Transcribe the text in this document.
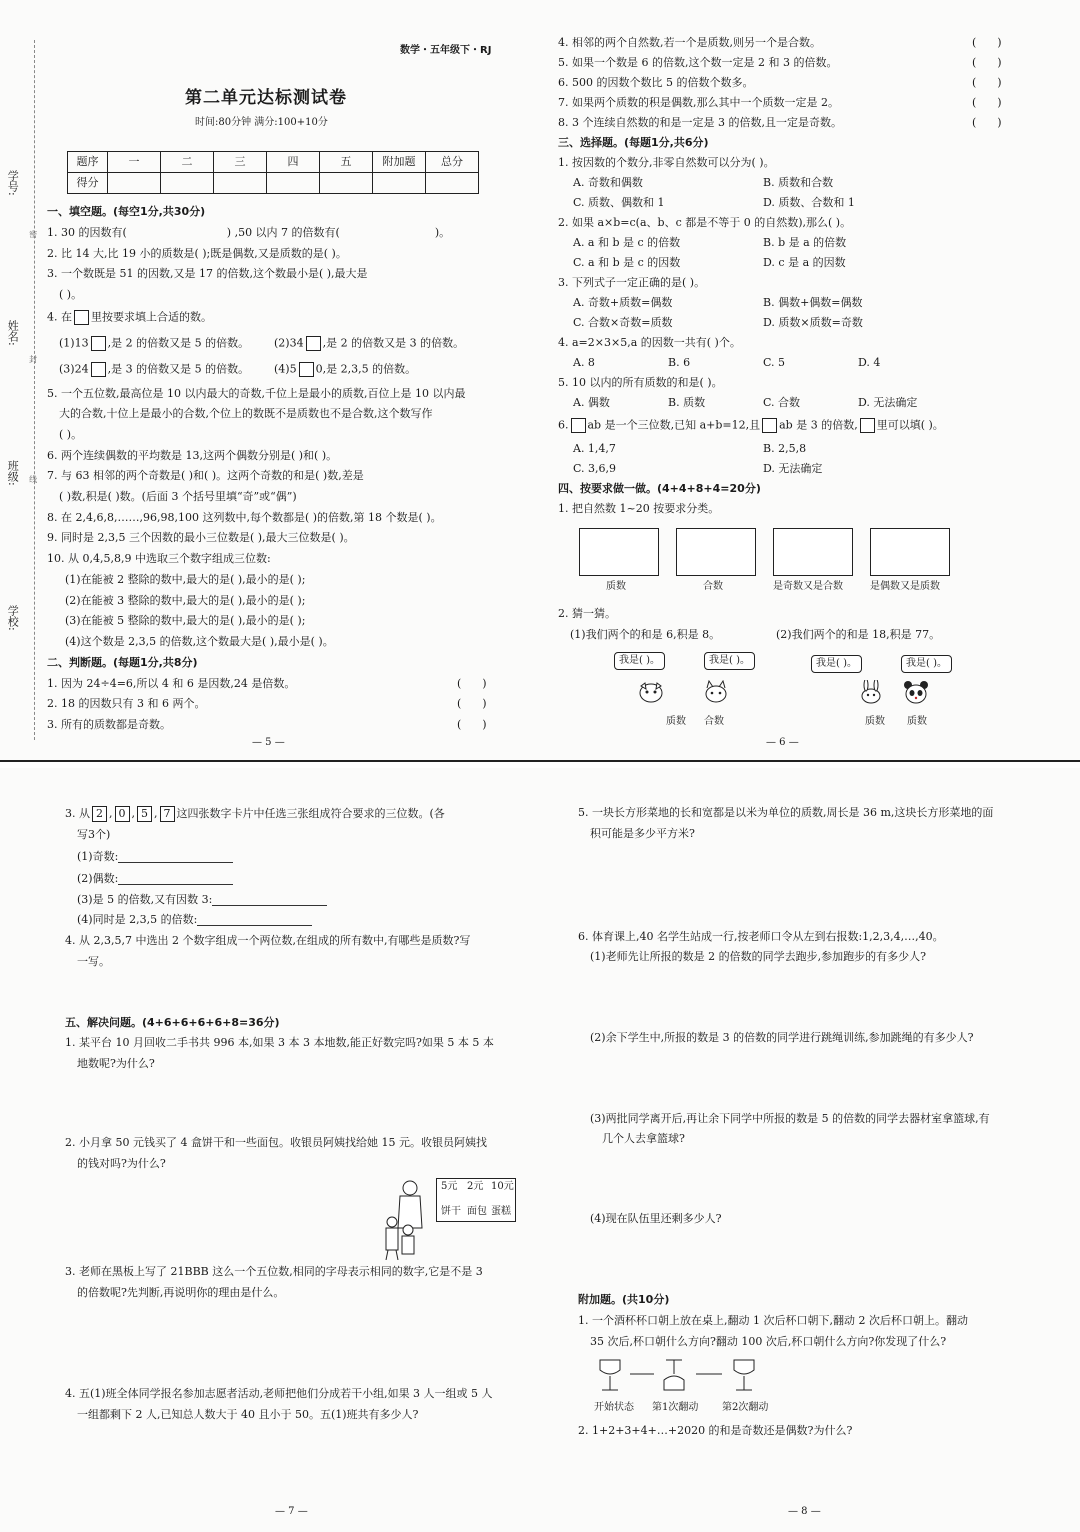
学号:
密
姓名:
封
班级: 线
学校:
数学・五年级下・RJ
第二单元达标测试卷
时间:80分钟 满分:100+10分
题序	一	二	三	四	五	附加题	总分
得分							
一、填空题。(每空1分,共30分)
1. 30 的因数有(	) ,50 以内 7 的倍数有(	)。
2. 比 14 大,比 19 小的质数是( );既是偶数,又是质数的是( )。
3. 一个数既是 51 的因数,又是 17 的倍数,这个数最小是( ),最大是
( )。
4. 在 里按要求填上合适的数。
(1)13 ,是 2 的倍数又是 5 的倍数。 (2)34 ,是 2 的倍数又是 3 的倍数。
(3)24 ,是 3 的倍数又是 5 的倍数。 (4)5 0,是 2,3,5 的倍数。
5. 一个五位数,最高位是 10 以内最大的奇数,千位上是最小的质数,百位上是 10 以内最
大的合数,十位上是最小的合数,个位上的数既不是质数也不是合数,这个数写作
( )。
6. 两个连续偶数的平均数是 13,这两个偶数分别是( )和( )。
7. 与 63 相邻的两个奇数是( )和( )。这两个奇数的和是( )数,差是
( )数,积是( )数。(后面 3 个括号里填“奇”或“偶”)
8. 在 2,4,6,8,……,96,98,100 这列数中,每个数都是( )的倍数,第 18 个数是( )。
9. 同时是 2,3,5 三个因数的最小三位数是( ),最大三位数是( )。
10. 从 0,4,5,8,9 中选取三个数字组成三位数:
(1)在能被 2 整除的数中,最大的是( ),最小的是( );
(2)在能被 3 整除的数中,最大的是( ),最小的是( );
(3)在能被 5 整除的数中,最大的是( ),最小的是( );
(4)这个数是 2,3,5 的倍数,这个数最大是( ),最小是( )。
二、判断题。(每题1分,共8分)
1. 因为 24÷4=6,所以 4 和 6 是因数,24 是倍数。	(      )
2. 18 的因数只有 3 和 6 两个。	(      )
3. 所有的质数都是奇数。	(      )
— 5 —
4. 相邻的两个自然数,若一个是质数,则另一个是合数。	(      )
5. 如果一个数是 6 的倍数,这个数一定是 2 和 3 的倍数。	(      )
6. 500 的因数个数比 5 的倍数个数多。	(      )
7. 如果两个质数的积是偶数,那么其中一个质数一定是 2。	(      )
8. 3 个连续自然数的和是一定是 3 的倍数,且一定是奇数。	(      )
三、选择题。(每题1分,共6分)
1. 按因数的个数分,非零自然数可以分为( )。
A. 奇数和偶数	B. 质数和合数
C. 质数、偶数和 1	D. 质数、合数和 1
2. 如果 a×b=c(a、b、c 都是不等于 0 的自然数),那么( )。
A. a 和 b 是 c 的倍数	B. b 是 a 的倍数
C. a 和 b 是 c 的因数	D. c 是 a 的因数
3. 下列式子一定正确的是( )。
A. 奇数+质数=偶数	B. 偶数+偶数=偶数
C. 合数×奇数=质数	D. 质数×质数=奇数
4. a=2×3×5,a 的因数一共有( )个。
A. 8	B. 6	C. 5	D. 4
5. 10 以内的所有质数的和是( )。
A. 偶数	B. 质数	C. 合数	D. 无法确定
6. ab 是一个三位数,已知 a+b=12,且 ab 是 3 的倍数, 里可以填( )。
A. 1,4,7	B. 2,5,8
C. 3,6,9	D. 无法确定
四、按要求做一做。(4+4+8+4=20分)
1. 把自然数 1~20 按要求分类。
质数	合数	是奇数又是合数	是偶数又是质数
2. 猜一猜。
(1)我们两个的和是 6,积是 8。	(2)我们两个的和是 18,积是 77。
我是( )。	我是( )。	我是( )。	我是( )。
质数 合数	质数 质数
— 6 —
3. 从 2 , 0 , 5 , 7 这四张数字卡片中任选三张组成符合要求的三位数。(各
写3个)
(1)奇数:
(2)偶数:
(3)是 5 的倍数,又有因数 3:
(4)同时是 2,3,5 的倍数:
4. 从 2,3,5,7 中选出 2 个数字组成一个两位数,在组成的所有数中,有哪些是质数?写
一写。
五、解决问题。(4+6+6+6+6+8=36分)
1. 某平台 10 月回收二手书共 996 本,如果 3 本 3 本地数,能正好数完吗?如果 5 本 5 本
地数呢?为什么?
2. 小月拿 50 元钱买了 4 盒饼干和一些面包。收银员阿姨找给她 15 元。收银员阿姨找
的钱对吗?为什么?
3. 老师在黑板上写了 21BBB 这么一个五位数,相同的字母表示相同的数字,它是不是 3
的倍数呢?先判断,再说明你的理由是什么。
4. 五(1)班全体同学报名参加志愿者活动,老师把他们分成若干小组,如果 3 人一组或 5 人
一组都剩下 2 人,已知总人数大于 40 且小于 50。五(1)班共有多少人?
— 7 —
5元 2元 10元
饼干 面包 蛋糕
5. 一块长方形菜地的长和宽都是以米为单位的质数,周长是 36 m,这块长方形菜地的面
积可能是多少平方米?
6. 体育课上,40 名学生站成一行,按老师口令从左到右报数:1,2,3,4,…,40。
(1)老师先让所报的数是 2 的倍数的同学去跑步,参加跑步的有多少人?
(2)余下学生中,所报的数是 3 的倍数的同学进行跳绳训练,参加跳绳的有多少人?
(3)两批同学离开后,再让余下同学中所报的数是 5 的倍数的同学去器材室拿篮球,有
几个人去拿篮球?
(4)现在队伍里还剩多少人?
附加题。(共10分)
1. 一个酒杯杯口朝上放在桌上,翻动 1 次后杯口朝下,翻动 2 次后杯口朝上。翻动
35 次后,杯口朝什么方向?翻动 100 次后,杯口朝什么方向?你发现了什么?
开始状态 第1次翻动 第2次翻动
2. 1+2+3+4+…+2020 的和是奇数还是偶数?为什么?
— 8 —
